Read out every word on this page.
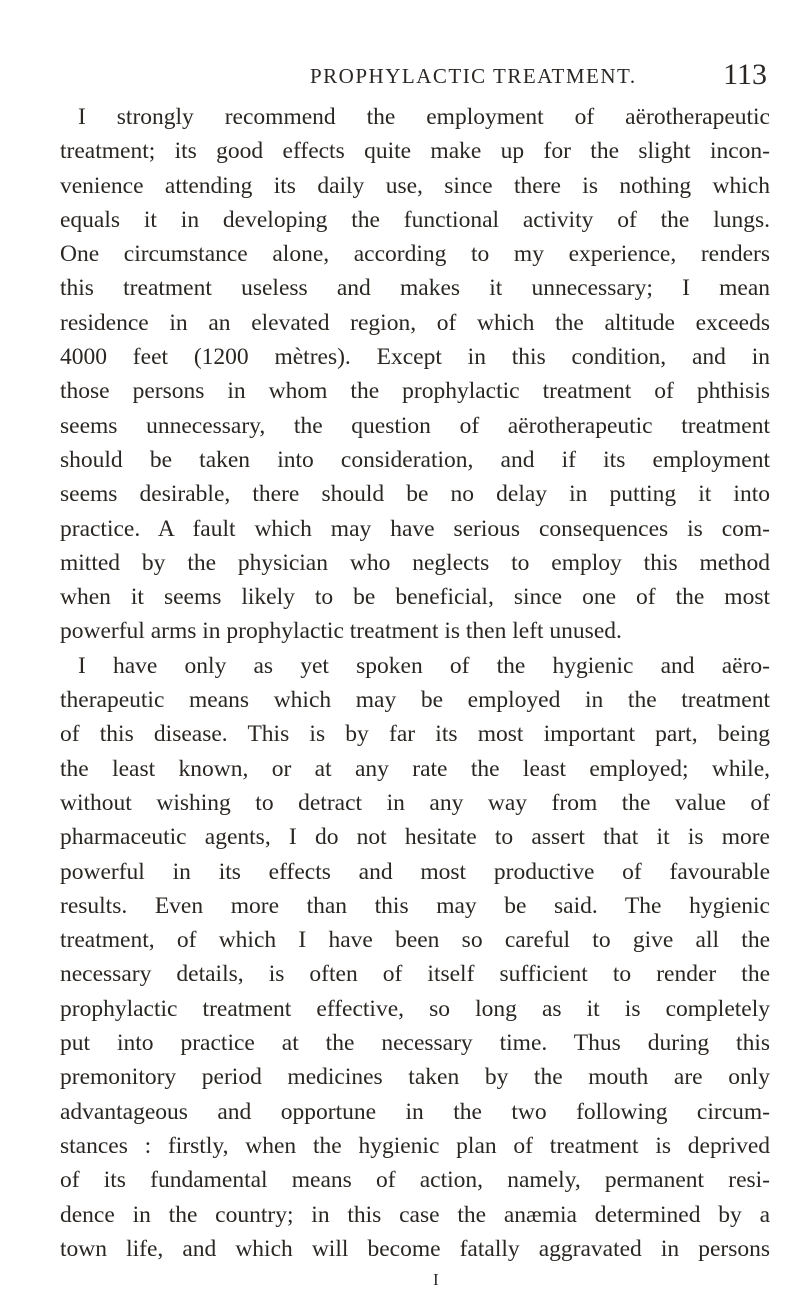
PROPHYLACTIC TREATMENT.	113
I strongly recommend the employment of aërotherapeutic
treatment; its good effects quite make up for the slight incon-
venience attending its daily use, since there is nothing which
equals it in developing the functional activity of the lungs.
One circumstance alone, according to my experience, renders
this treatment useless and makes it unnecessary; I mean
residence in an elevated region, of which the altitude exceeds
4000 feet (1200 mètres). Except in this condition, and in
those persons in whom the prophylactic treatment of phthisis
seems unnecessary, the question of aërotherapeutic treatment
should be taken into consideration, and if its employment
seems desirable, there should be no delay in putting it into
practice. A fault which may have serious consequences is com-
mitted by the physician who neglects to employ this method
when it seems likely to be beneficial, since one of the most
powerful arms in prophylactic treatment is then left unused.
I have only as yet spoken of the hygienic and aëro-
therapeutic means which may be employed in the treatment
of this disease. This is by far its most important part, being
the least known, or at any rate the least employed; while,
without wishing to detract in any way from the value of
pharmaceutic agents, I do not hesitate to assert that it is more
powerful in its effects and most productive of favourable
results. Even more than this may be said. The hygienic
treatment, of which I have been so careful to give all the
necessary details, is often of itself sufficient to render the
prophylactic treatment effective, so long as it is completely
put into practice at the necessary time. Thus during this
premonitory period medicines taken by the mouth are only
advantageous and opportune in the two following circum-
stances : firstly, when the hygienic plan of treatment is deprived
of its fundamental means of action, namely, permanent resi-
dence in the country; in this case the anæmia determined by a
town life, and which will become fatally aggravated in persons
I
